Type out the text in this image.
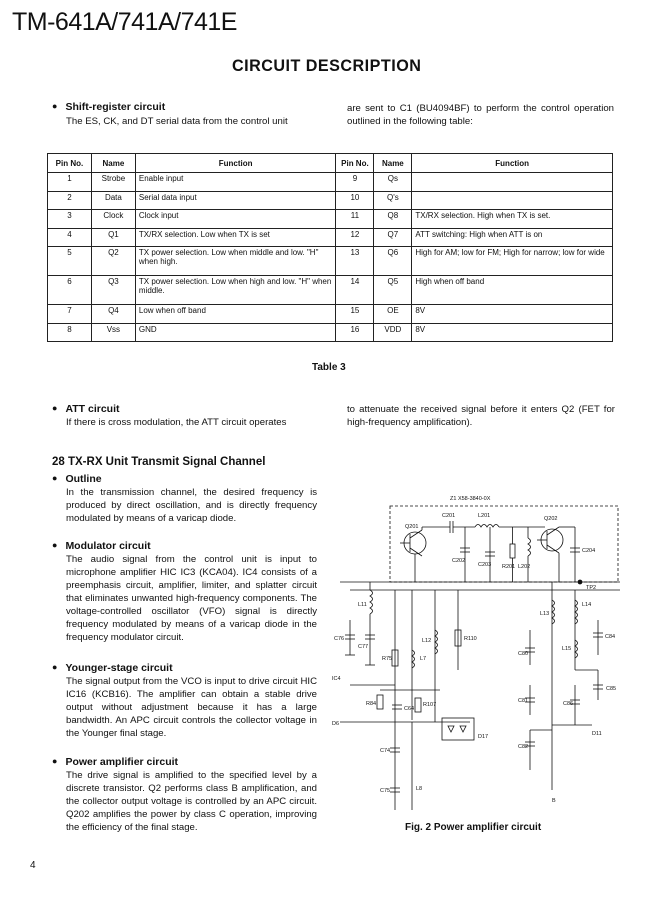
TM-641A/741A/741E
CIRCUIT DESCRIPTION
● Shift-register circuit
The ES, CK, and DT serial data from the control unit
are sent to C1 (BU4094BF) to perform the control operation outlined in the following table:
Pin No.	Name	Function	Pin No.	Name	Function
1	Strobe	Enable input	9	Qs	
2	Data	Serial data input	10	Q's	
3	Clock	Clock input	11	Q8	TX/RX selection. High when TX is set.
4	Q1	TX/RX selection. Low when TX is set	12	Q7	ATT switching: High when ATT is on
5	Q2	TX power selection. Low when middle and low. "H" when high.	13	Q6	High for AM; low for FM; High for narrow; low for wide
6	Q3	TX power selection. Low when high and low. "H" when middle.	14	Q5	High when off band
7	Q4	Low when off band	15	OE	8V
8	Vss	GND	16	VDD	8V
Table 3
● ATT circuit
If there is cross modulation, the ATT circuit operates
to attenuate the received signal before it enters Q2 (FET for high-frequency amplification).
28 TX-RX Unit Transmit Signal Channel
● Outline
In the transmission channel, the desired frequency is produced by direct oscillation, and is directly frequency modulated by means of a varicap diode.
● Modulator circuit
The audio signal from the control unit is input to microphone amplifier HIC IC3 (KCA04). IC4 consists of a preemphasis circuit, amplifier, limiter, and splatter circuit that eliminates unwanted high-frequency components. The voltage-controlled oscillator (VFO) signal is directly frequency modulated by means of a varicap diode in the frequency modulator circuit.
● Younger-stage circuit
The signal output from the VCO is input to drive circuit HIC IC16 (KCB16). The amplifier can obtain a stable drive output without adjustment because it has a large bandwidth. An APC circuit controls the collector voltage in the Younger final stage.
● Power amplifier circuit
The drive signal is amplified to the specified level by a discrete transistor. Q2 performs class B amplification, and the collector output voltage is controlled by an APC circuit. Q202 amplifies the power by class C operation, improving the efficiency of the final stage.
Z1 X58-3840-0X
Q201
C201	L201	Q202
C202
C203 R201 L202
C204
TP2
L11
C77
C76
R75	L7
L12	R110
IC4
R84
C64
R107
D6
D17
C74
C75	L8
L13
L14
C84
C80
L15
C85
C81	C86
D11
C82
B
Fig. 2 Power amplifier circuit
4
